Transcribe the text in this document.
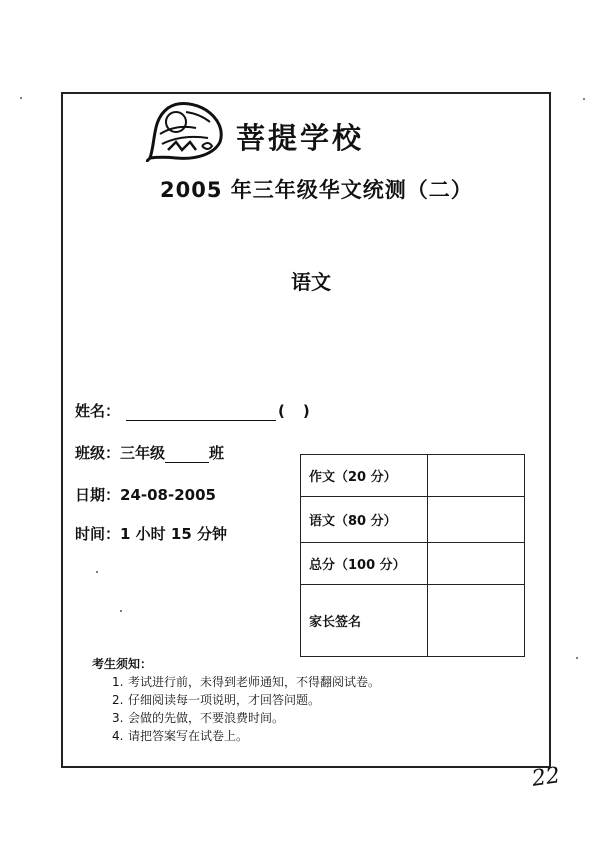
菩提学校
2005 年三年级华文统测（二）
语文
姓名：	( )
班级：三年级	班
日期：24-08-2005
时间：1 小时 15 分钟
作文（20 分）	
语文（80 分）	
总分（100 分）	
家长签名	
考生须知：
1. 考试进行前，未得到老师通知，不得翻阅试卷。
2. 仔细阅读每一项说明，才回答问题。
3. 会做的先做，不要浪费时间。
4. 请把答案写在试卷上。
22
